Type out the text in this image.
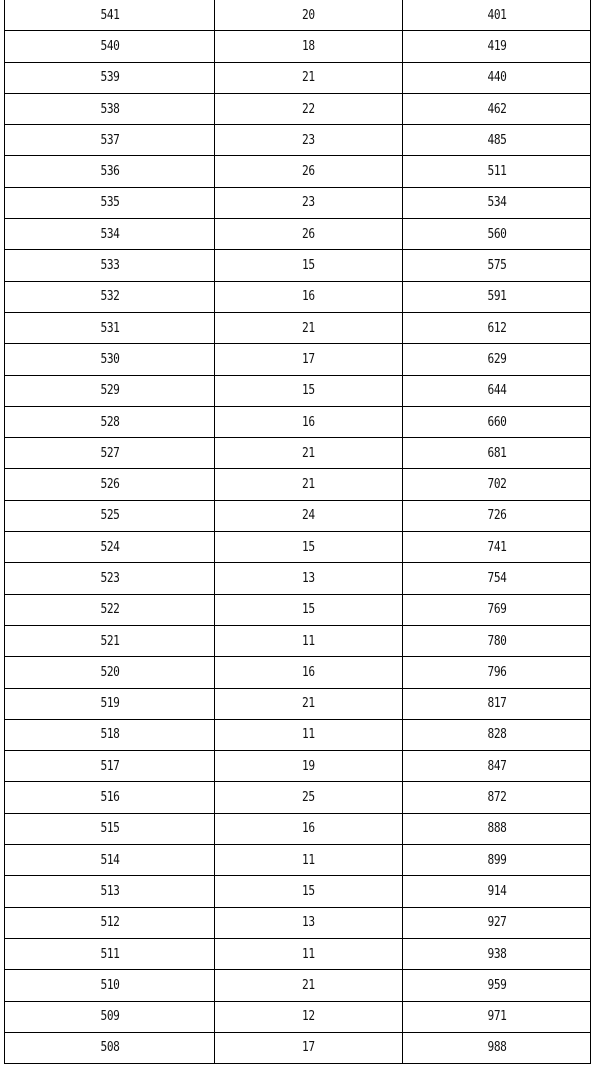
541	20	401
540	18	419
539	21	440
538	22	462
537	23	485
536	26	511
535	23	534
534	26	560
533	15	575
532	16	591
531	21	612
530	17	629
529	15	644
528	16	660
527	21	681
526	21	702
525	24	726
524	15	741
523	13	754
522	15	769
521	11	780
520	16	796
519	21	817
518	11	828
517	19	847
516	25	872
515	16	888
514	11	899
513	15	914
512	13	927
511	11	938
510	21	959
509	12	971
508	17	988
